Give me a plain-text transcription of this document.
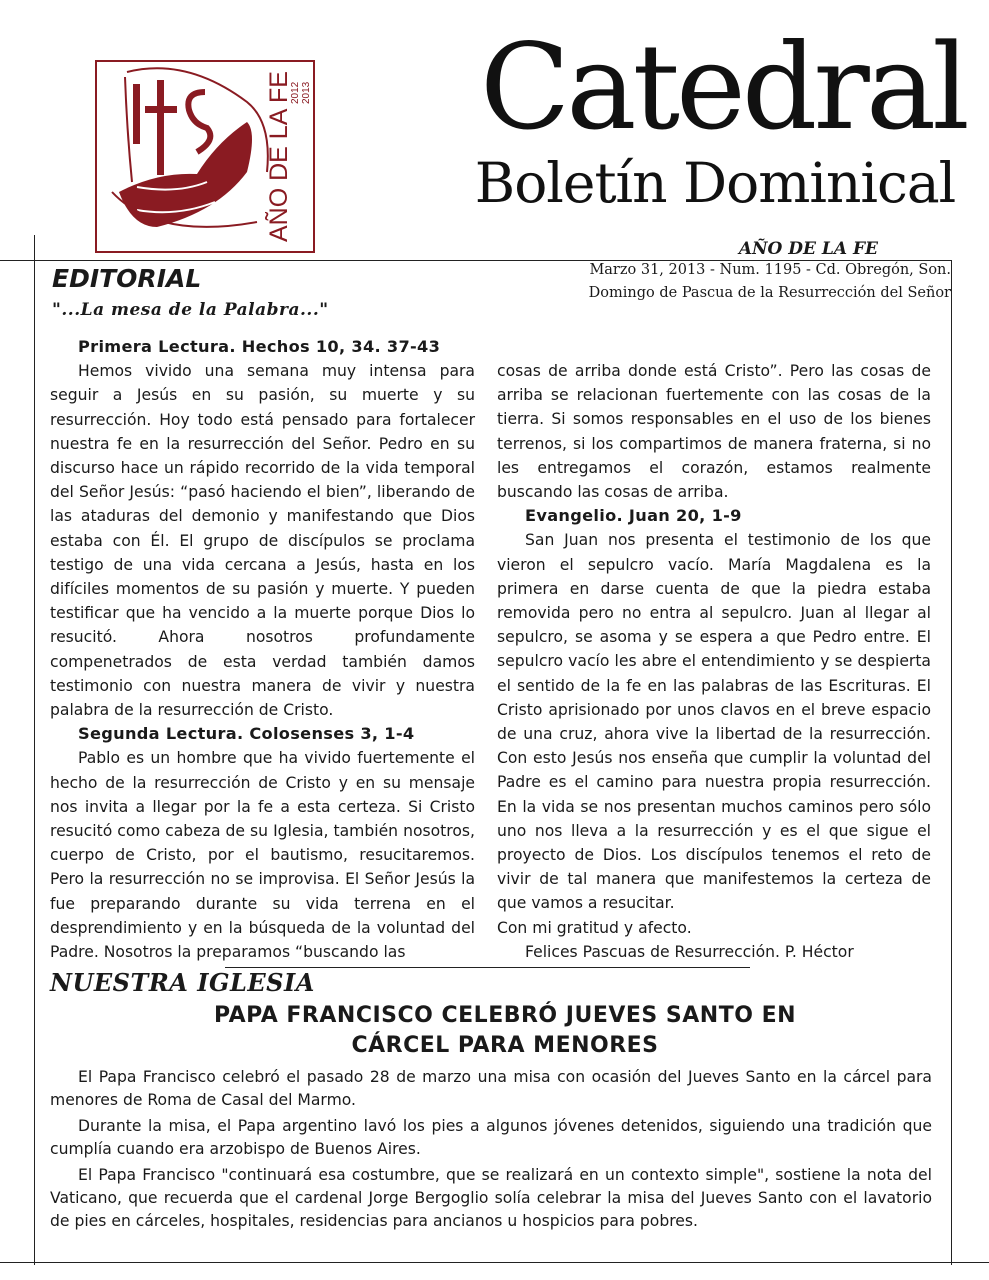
AÑO DE LA FE
2012 2013 Catedral
Boletín Dominical
AÑO DE LA FE
Marzo 31, 2013 - Num. 1195 - Cd. Obregón, Son.
Domingo de Pascua de la Resurrección del Señor
EDITORIAL
"...La mesa de la Palabra..."
Primera Lectura. Hechos 10, 34. 37-43

Hemos vivido una semana muy intensa para seguir a Jesús en su pasión, su muerte y su resurrección. Hoy todo está pensado para fortalecer nuestra fe en la resurrección del Señor. Pedro en su discurso hace un rápido recorrido de la vida temporal del Señor Jesús: “pasó haciendo el bien”, liberando de las ataduras del demonio y manifestando que Dios estaba con Él. El grupo de discípulos se proclama testigo de una vida cercana a Jesús, hasta en los difíciles momentos de su pasión y muerte. Y pueden testificar que ha vencido a la muerte porque Dios lo resucitó. Ahora nosotros profundamente compenetrados de esta verdad también damos testimonio con nuestra manera de vivir y nuestra palabra de la resurrección de Cristo.

Segunda Lectura. Colosenses 3, 1-4

Pablo es un hombre que ha vivido fuertemente el hecho de la resurrección de Cristo y en su mensaje nos invita a llegar por la fe a esta certeza. Si Cristo resucitó como cabeza de su Iglesia, también nosotros, cuerpo de Cristo, por el bautismo, resucitaremos. Pero la resurrección no se improvisa. El Señor Jesús la fue preparando durante su vida terrena en el desprendimiento y en la búsqueda de la voluntad del Padre. Nosotros la preparamos “buscando las

cosas de arriba donde está Cristo”. Pero las cosas de arriba se relacionan fuertemente con las cosas de la tierra. Si somos responsables en el uso de los bienes terrenos, si los compartimos de manera fraterna, si no les entregamos el corazón, estamos realmente buscando las cosas de arriba.

Evangelio. Juan 20, 1-9

San Juan nos presenta el testimonio de los que vieron el sepulcro vacío. María Magdalena es la primera en darse cuenta de que la piedra estaba removida pero no entra al sepulcro. Juan al llegar al sepulcro, se asoma y se espera a que Pedro entre. El sepulcro vacío les abre el entendimiento y se despierta el sentido de la fe en las palabras de las Escrituras. El Cristo aprisionado por unos clavos en el breve espacio de una cruz, ahora vive la libertad de la resurrección. Con esto Jesús nos enseña que cumplir la voluntad del Padre es el camino para nuestra propia resurrección. En la vida se nos presentan muchos caminos pero sólo uno nos lleva a la resurrección y es el que sigue el proyecto de Dios. Los discípulos tenemos el reto de vivir de tal manera que manifestemos la certeza de que vamos a resucitar.

Con mi gratitud y afecto.

Felices Pascuas de Resurrección. P. Héctor

NUESTRA IGLESIA
PAPA FRANCISCO CELEBRÓ JUEVES SANTO EN
CÁRCEL PARA MENORES

El Papa Francisco celebró el pasado 28 de marzo una misa con ocasión del Jueves Santo en la cárcel para menores de Roma de Casal del Marmo.

Durante la misa, el Papa argentino lavó los pies a algunos jóvenes detenidos, siguiendo una tradición que cumplía cuando era arzobispo de Buenos Aires.

El Papa Francisco "continuará esa costumbre, que se realizará en un contexto simple", sostiene la nota del Vaticano, que recuerda que el cardenal Jorge Bergoglio solía celebrar la misa del Jueves Santo con el lavatorio de pies en cárceles, hospitales, residencias para ancianos u hospicios para pobres.
